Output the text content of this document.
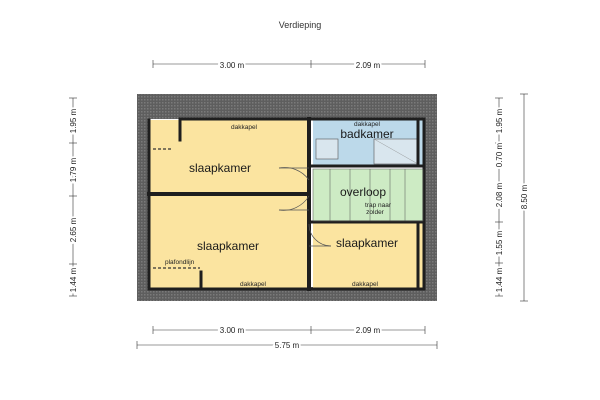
Verdieping
slaapkamer
badkamer
overloop
slaapkamer	slaapkamer
dakkapel	dakkapel
dakkapel	dakkapel
trap naar
zolder
plafondlijn
3.00 m	2.09 m
3.00 m	2.09 m
5.75 m
1.95 m
1.79 m
2.65 m
1.44 m
1.95 m
0.70 m
2.08 m
1.55 m
1.44 m
8.50 m
